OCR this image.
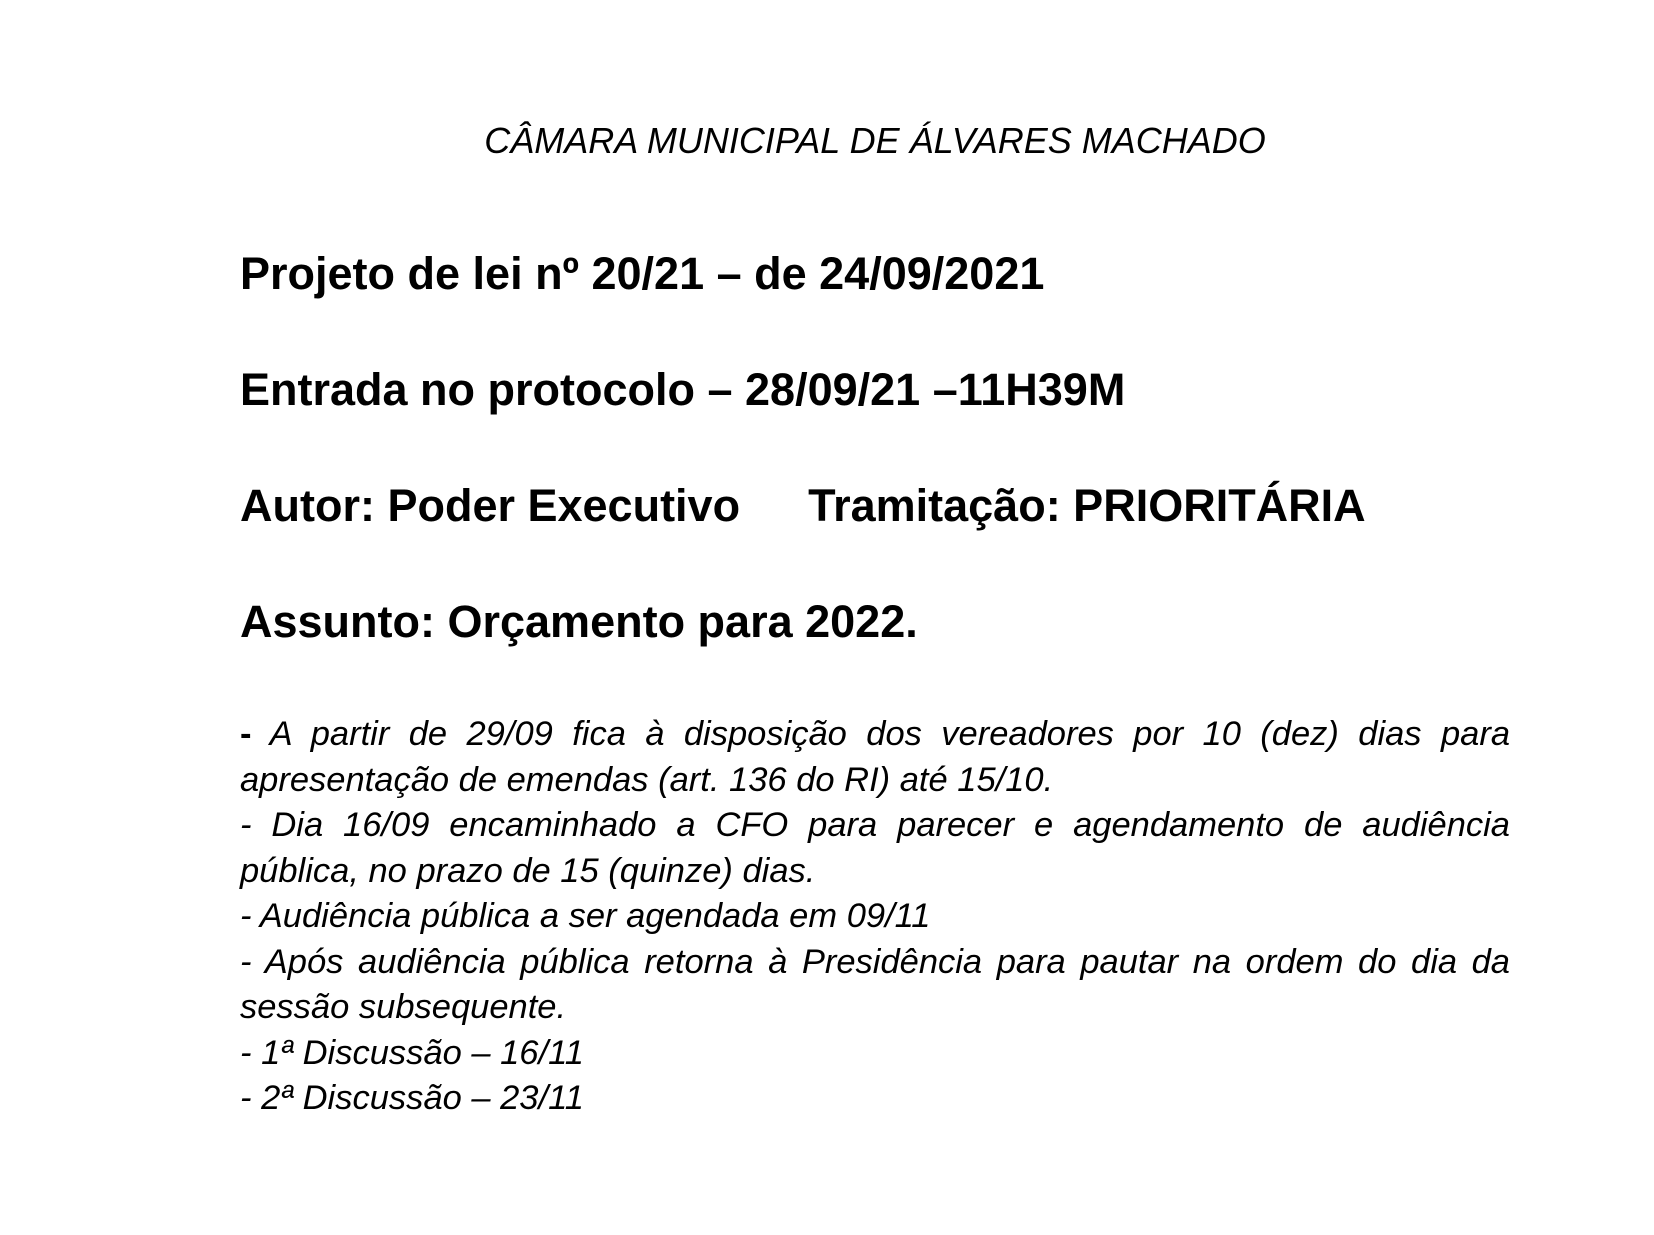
CÂMARA MUNICIPAL DE ÁLVARES MACHADO
Projeto de lei nº 20/21 – de 24/09/2021
Entrada no protocolo – 28/09/21 –11H39M
Autor: Poder Executivo Tramitação: PRIORITÁRIA
Assunto: Orçamento para 2022.

- A partir de 29/09 fica à disposição dos vereadores por 10 (dez) dias para apresentação de emendas (art. 136 do RI) até 15/10.

- Dia 16/09 encaminhado a CFO para parecer e agendamento de audiência pública, no prazo de 15 (quinze) dias.

- Audiência pública a ser agendada em 09/11

- Após audiência pública retorna à Presidência para pautar na ordem do dia da sessão subsequente.

- 1ª Discussão – 16/11

- 2ª Discussão – 23/11
